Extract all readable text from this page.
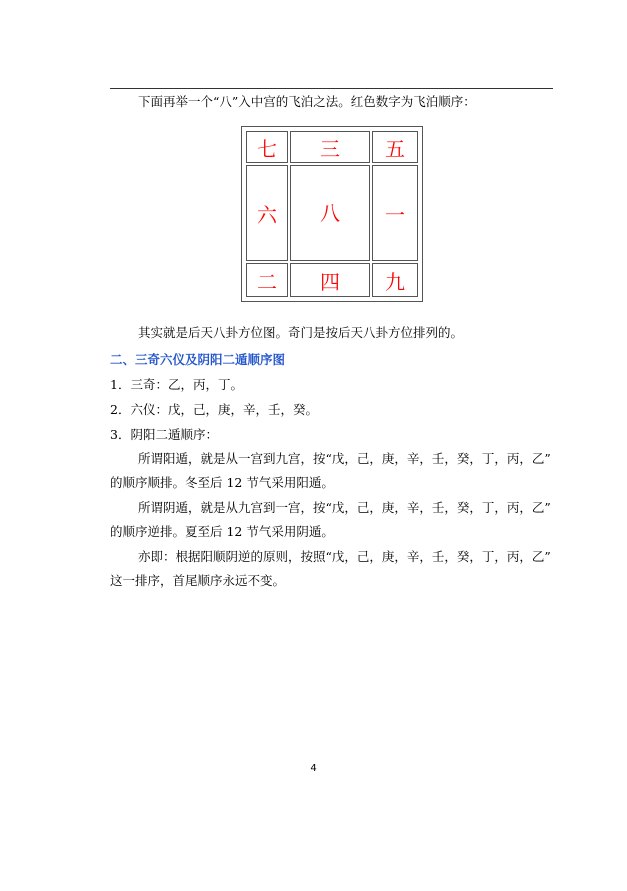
下面再举一个“八”入中宫的飞泊之法。红色数字为飞泊顺序：
七	三	五
六	八	一
二	四	九
其实就是后天八卦方位图。奇门是按后天八卦方位排列的。
二、三奇六仪及阴阳二遁顺序图
1．三奇：乙，丙，丁。
2．六仪：戊，己，庚，辛，壬，癸。
3．阴阳二遁顺序：
所谓阳遁，就是从一宫到九宫，按“戊，己，庚，辛，壬，癸，丁，丙，乙”
的顺序顺排。冬至后 12 节气采用阳遁。
所谓阴遁，就是从九宫到一宫，按“戊，己，庚，辛，壬，癸，丁，丙，乙”
的顺序逆排。夏至后 12 节气采用阴遁。
亦即：根据阳顺阴逆的原则，按照“戊，己，庚，辛，壬，癸，丁，丙，乙”
这一排序，首尾顺序永远不变。
4
